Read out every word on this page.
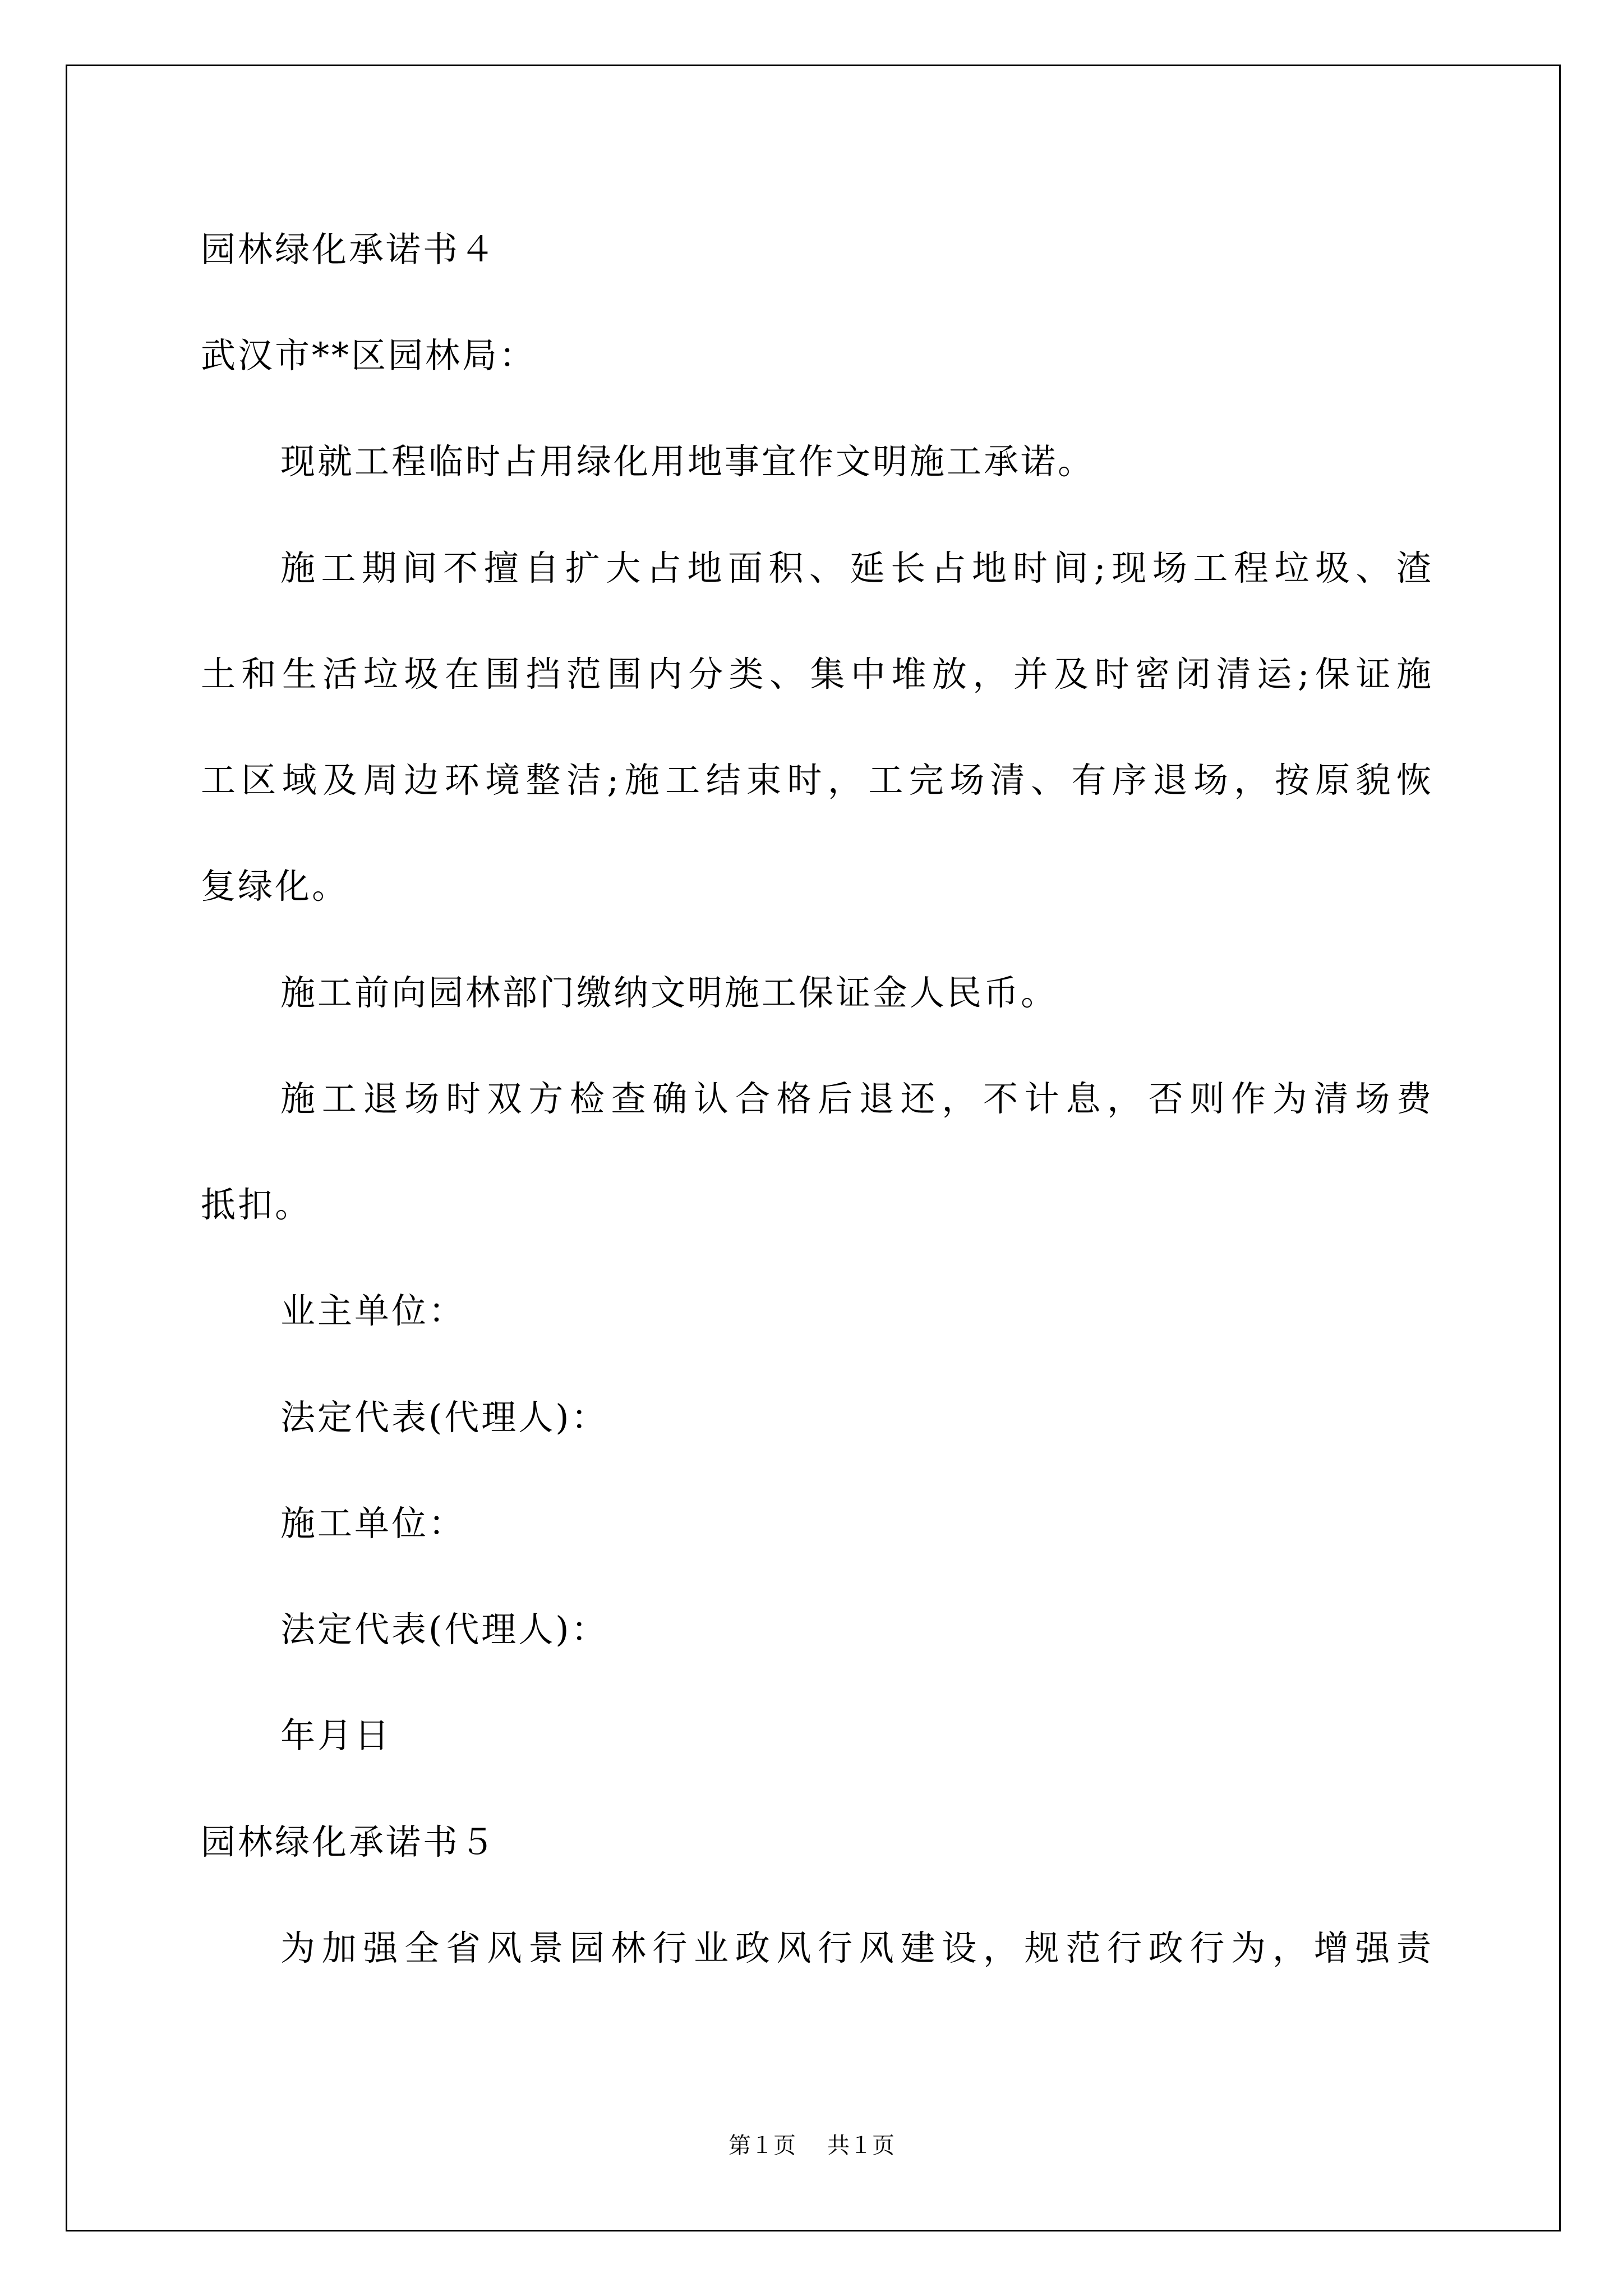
园林绿化承诺书４
武汉市**区园林局：
现就工程临时占用绿化用地事宜作文明施工承诺。
施工期间不擅自扩大占地面积、延长占地时间;现场工程垃圾、渣
土和生活垃圾在围挡范围内分类、集中堆放，并及时密闭清运;保证施
工区域及周边环境整洁;施工结束时，工完场清、有序退场，按原貌恢
复绿化。
施工前向园林部门缴纳文明施工保证金人民币。
施工退场时双方检查确认合格后退还，不计息，否则作为清场费
抵扣。
业主单位：
法定代表(代理人)：
施工单位：
法定代表(代理人)：
年月日
园林绿化承诺书５
为加强全省风景园林行业政风行风建设，规范行政行为，增强责
第１页 共１页
